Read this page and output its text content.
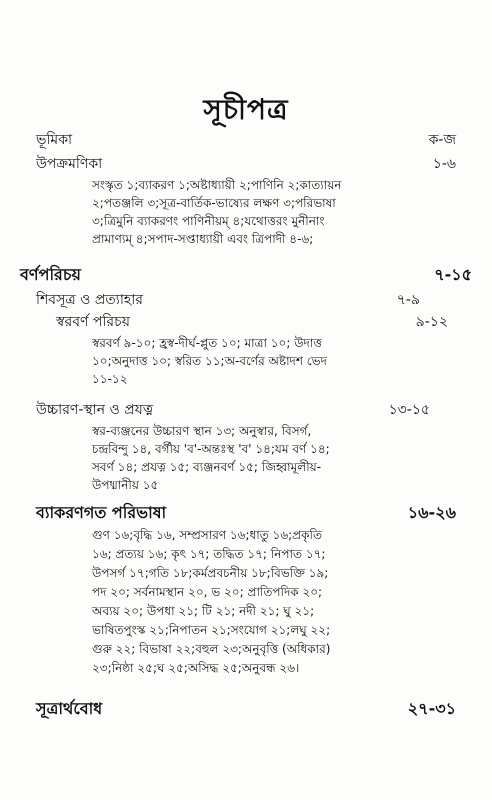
সূচীপত্র
ভূমিকা	ক-জ
উপক্রমণিকা	১-৬
সংস্কৃত ১;ব্যাকরণ ১;অষ্টাধ্যায়ী ২;পাণিনি ২;কাত্যায়ন
২;পতঞ্জলি ৩;সূত্র-বার্তিক-ভাষ্যের লক্ষণ ৩;পরিভাষা
৩;ত্রিমুনি ব্যাকরণং পাণিনীয়ম্ ৪;যথোত্তরং মুনীনাং
প্রামাণ্যম্ ৪;সপাদ-সপ্তাধ্যায়ী এবং ত্রিপাদী ৪-৬;
বর্ণপরিচয়	৭-১৫
শিবসূত্র ও প্রত্যাহার	৭-৯
স্বরবর্ণ পরিচয়	৯-১২
স্বরবর্ণ ৯-১০; হ্রস্ব-দীর্ঘ-প্লুত ১০; মাত্রা ১০; উদাত্ত
১০;অনুদাত্ত ১০; স্বরিত ১১;অ-বর্ণের অষ্টাদশ ভেদ
১১-১২
উচ্চারণ-স্থান ও প্রযত্ন	১৩-১৫
স্বর-ব্যঞ্জনের উচ্চারণ স্থান ১৩; অনুস্বার, বিসর্গ,
চন্দ্রবিন্দু ১৪, বর্গীয় 'ব'-অন্তঃস্থ 'ব' ১৪;যম বর্ণ ১৪;
সবর্ণ ১৪; প্রযত্ন ১৫; ব্যঞ্জনবর্ণ ১৫; জিহ্বামূলীয়-
উপধ্মানীয় ১৫
ব্যাকরণগত পরিভাষা	১৬-২৬
গুণ ১৬;বৃদ্ধি ১৬, সম্প্রসারণ ১৬;ধাতু ১৬;প্রকৃতি
১৬; প্রত্যয় ১৬; কৃৎ ১৭; তদ্ধিত ১৭; নিপাত ১৭;
উপসর্গ ১৭;গতি ১৮;কর্মপ্রবচনীয় ১৮;বিভক্তি ১৯;
পদ ২০; সর্বনামস্থান ২০, ভ ২০; প্রাতিপদিক ২০;
অব্যয় ২০; উপধা ২১; টি ২১; নদী ২১; ঘু ২১;
ভাষিতপুংস্ক ২১;নিপাতন ২১;সংযোগ ২১;লঘু ২২;
গুরু ২২; বিভাষা ২২;বহুল ২৩;অনুবৃত্তি (অধিকার)
২৩;নিষ্ঠা ২৫;ঘ ২৫;অসিদ্ধ ২৫;অনুবন্ধ ২৬।
সূত্রার্থবোধ	২৭-৩১
